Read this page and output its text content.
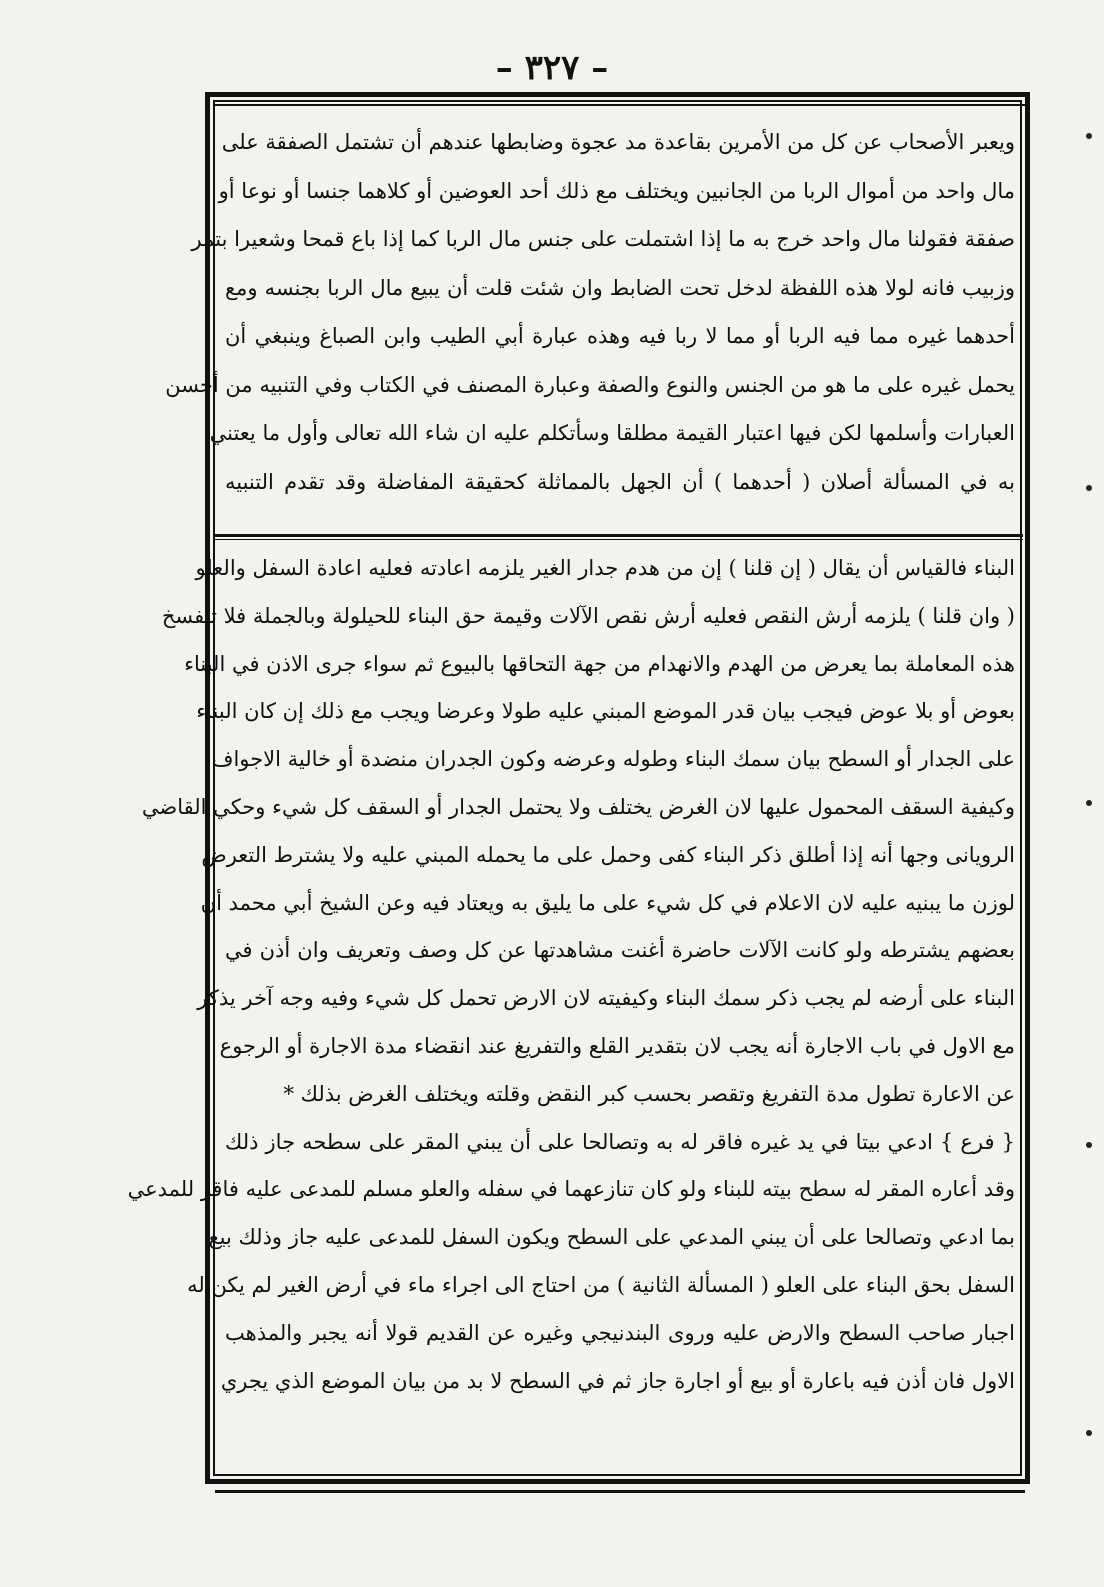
– ٣٢٧ –
ويعبر الأصحاب عن كل من الأمرين بقاعدة مد عجوة وضابطها عندهم أن تشتمل الصفقة على
مال واحد من أموال الربا من الجانبين ويختلف مع ذلك أحد العوضين أو كلاهما جنسا أو نوعا أو
صفقة فقولنا مال واحد خرج به ما إذا اشتملت على جنس مال الربا كما إذا باع قمحا وشعيرا بتمر
وزبيب فانه لولا هذه اللفظة لدخل تحت الضابط وان شئت قلت أن يبيع مال الربا بجنسه ومع
أحدهما غيره مما فيه الربا أو مما لا ربا فيه وهذه عبارة أبي الطيب وابن الصباغ وينبغي أن
يحمل غيره على ما هو من الجنس والنوع والصفة وعبارة المصنف في الكتاب وفي التنبيه من أحسن
العبارات وأسلمها لكن فيها اعتبار القيمة مطلقا وسأتكلم عليه ان شاء الله تعالى وأول ما يعتني
به في المسألة أصلان ( أحدهما ) أن الجهل بالمماثلة كحقيقة المفاضلة وقد تقدم التنبيه
البناء فالقياس أن يقال ( إن قلنا ) إن من هدم جدار الغير يلزمه اعادته فعليه اعادة السفل والعلو
( وان قلنا ) يلزمه أرش النقص فعليه أرش نقص الآلات وقيمة حق البناء للحيلولة وبالجملة فلا تنفسخ
هذه المعاملة بما يعرض من الهدم والانهدام من جهة التحاقها بالبيوع ثم سواء جرى الاذن في البناء
بعوض أو بلا عوض فيجب بيان قدر الموضع المبني عليه طولا وعرضا ويجب مع ذلك إن كان البناء
على الجدار أو السطح بيان سمك البناء وطوله وعرضه وكون الجدران منضدة أو خالية الاجواف
وكيفية السقف المحمول عليها لان الغرض يختلف ولا يحتمل الجدار أو السقف كل شيء وحكي القاضي
الرويانى وجها أنه إذا أطلق ذكر البناء كفى وحمل على ما يحمله المبني عليه ولا يشترط التعرض
لوزن ما يبنيه عليه لان الاعلام في كل شيء على ما يليق به ويعتاد فيه وعن الشيخ أبي محمد أن
بعضهم يشترطه ولو كانت الآلات حاضرة أغنت مشاهدتها عن كل وصف وتعريف وان أذن في
البناء على أرضه لم يجب ذكر سمك البناء وكيفيته لان الارض تحمل كل شيء وفيه وجه آخر يذكر
مع الاول في باب الاجارة أنه يجب لان بتقدير القلع والتفريغ عند انقضاء مدة الاجارة أو الرجوع
عن الاعارة تطول مدة التفريغ وتقصر بحسب كبر النقض وقلته ويختلف الغرض بذلك *
{ فرع } ادعي بيتا في يد غيره فاقر له به وتصالحا على أن يبني المقر على سطحه جاز ذلك
وقد أعاره المقر له سطح بيته للبناء ولو كان تنازعهما في سفله والعلو مسلم للمدعى عليه فاقر للمدعي
بما ادعي وتصالحا على أن يبني المدعي على السطح ويكون السفل للمدعى عليه جاز وذلك بيع
السفل بحق البناء على العلو ( المسألة الثانية ) من احتاج الى اجراء ماء في أرض الغير لم يكن له
اجبار صاحب السطح والارض عليه وروى البندنيجي وغيره عن القديم قولا أنه يجبر والمذهب
الاول فان أذن فيه باعارة أو بيع أو اجارة جاز ثم في السطح لا بد من بيان الموضع الذي يجري
